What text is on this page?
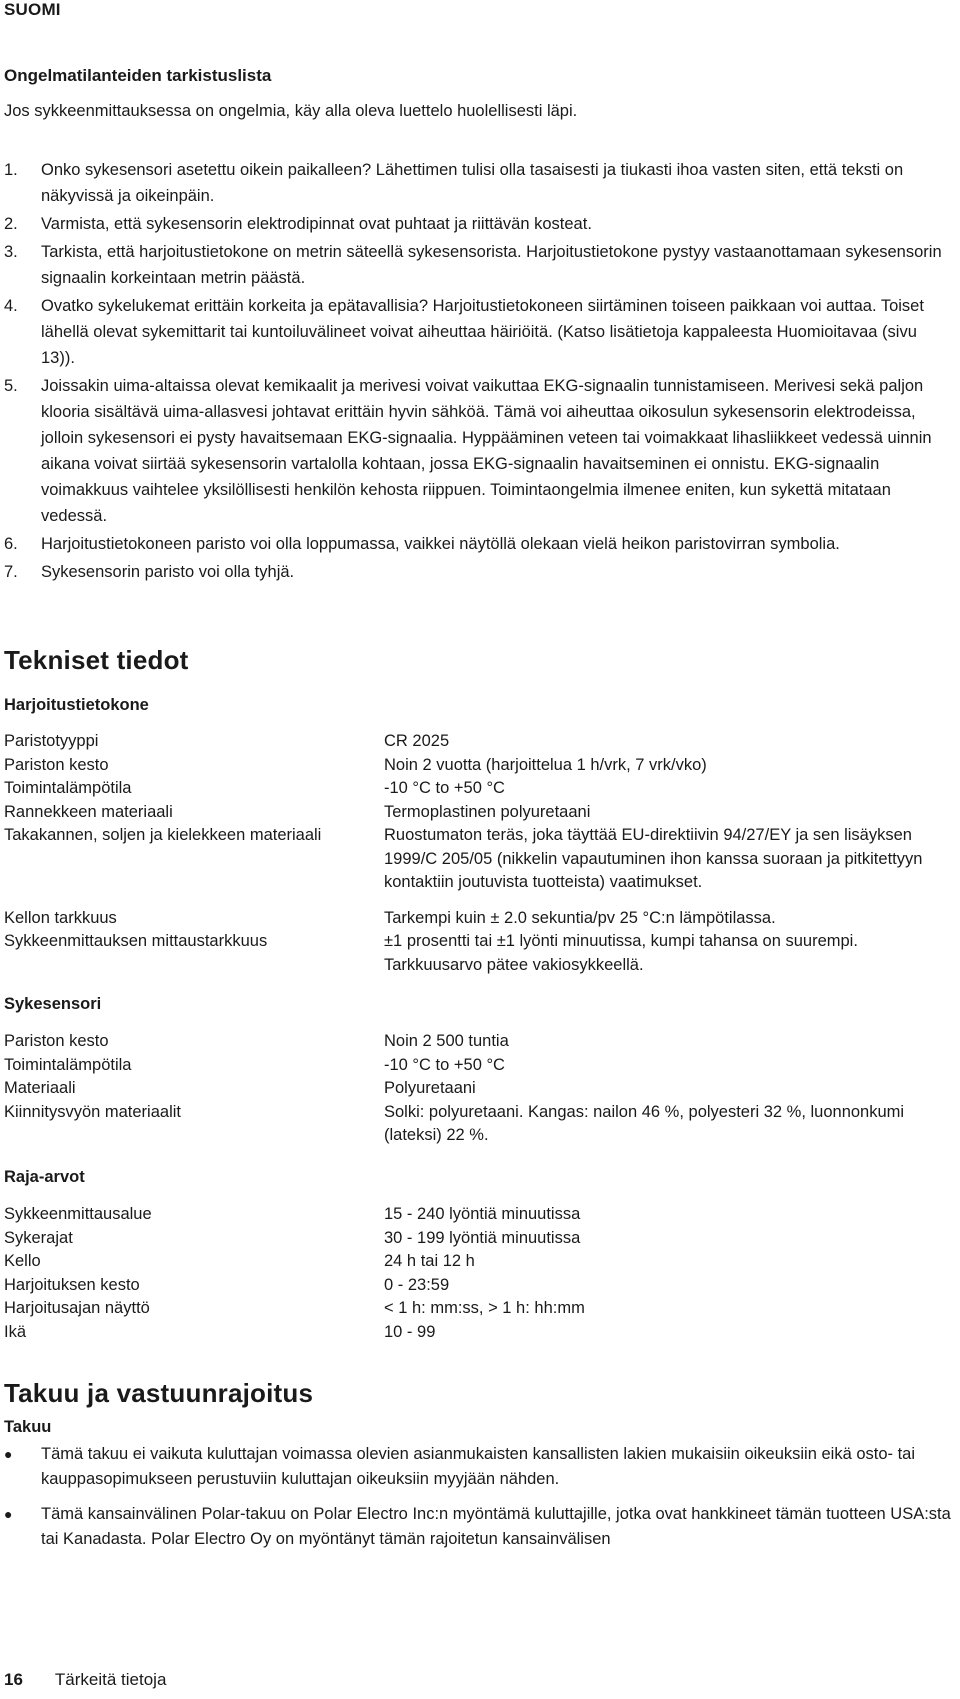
SUOMI
Ongelmatilanteiden tarkistuslista
Jos sykkeenmittauksessa on ongelmia, käy alla oleva luettelo huolellisesti läpi.
1.	Onko sykesensori asetettu oikein paikalleen? Lähettimen tulisi olla tasaisesti ja tiukasti ihoa vasten siten, että teksti on näkyvissä ja oikeinpäin.
2.	Varmista, että sykesensorin elektrodipinnat ovat puhtaat ja riittävän kosteat.
3.	Tarkista, että harjoitustietokone on metrin säteellä sykesensorista. Harjoitustietokone pystyy vastaanottamaan sykesensorin signaalin korkeintaan metrin päästä.
4.	Ovatko sykelukemat erittäin korkeita ja epätavallisia? Harjoitustietokoneen siirtäminen toiseen paikkaan voi auttaa. Toiset lähellä olevat sykemittarit tai kuntoiluvälineet voivat aiheuttaa häiriöitä. (Katso lisätietoja kappaleesta Huomioitavaa (sivu 13)).
5.	Joissakin uima-altaissa olevat kemikaalit ja merivesi voivat vaikuttaa EKG-signaalin tunnistamiseen. Merivesi sekä paljon klooria sisältävä uima-allasvesi johtavat erittäin hyvin sähköä. Tämä voi aiheuttaa oikosulun sykesensorin elektrodeissa, jolloin sykesensori ei pysty havaitsemaan EKG-signaalia. Hyppääminen veteen tai voimakkaat lihasliikkeet vedessä uinnin aikana voivat siirtää sykesensorin vartalolla kohtaan, jossa EKG-signaalin havaitseminen ei onnistu. EKG-signaalin voimakkuus vaihtelee yksilöllisesti henkilön kehosta riippuen. Toimintaongelmia ilmenee eniten, kun sykettä mitataan vedessä.
6.	Harjoitustietokoneen paristo voi olla loppumassa, vaikkei näytöllä olekaan vielä heikon paristovirran symbolia.
7.	Sykesensorin paristo voi olla tyhjä.
Tekniset tiedot
Harjoitustietokone
Paristotyyppi	CR 2025
Pariston kesto	Noin 2 vuotta (harjoittelua 1 h/vrk, 7 vrk/vko)
Toimintalämpötila	-10 °C to +50 °C
Rannekkeen materiaali	Termoplastinen polyuretaani
Takakannen, soljen ja kielekkeen materiaali	Ruostumaton teräs, joka täyttää EU-direktiivin 94/27/EY ja sen lisäyksen 1999/C 205/05 (nikkelin vapautuminen ihon kanssa suoraan ja pitkitettyyn kontaktiin joutuvista tuotteista) vaatimukset.
Kellon tarkkuus	Tarkempi kuin ± 2.0 sekuntia/pv 25 °C:n lämpötilassa.
Sykkeenmittauksen mittaustarkkuus	±1 prosentti tai ±1 lyönti minuutissa, kumpi tahansa on suurempi. Tarkkuusarvo pätee vakiosykkeellä.
Sykesensori
Pariston kesto	Noin 2 500 tuntia
Toimintalämpötila	-10 °C to +50 °C
Materiaali	Polyuretaani
Kiinnitysvyön materiaalit	Solki: polyuretaani. Kangas: nailon 46 %, polyesteri 32 %, luonnonkumi (lateksi) 22 %.
Raja-arvot
Sykkeenmittausalue	15 - 240 lyöntiä minuutissa
Sykerajat	30 - 199 lyöntiä minuutissa
Kello	24 h tai 12 h
Harjoituksen kesto	0 - 23:59
Harjoitusajan näyttö	< 1 h: mm:ss, > 1 h: hh:mm
Ikä	10 - 99
Takuu ja vastuunrajoitus
Takuu
●	Tämä takuu ei vaikuta kuluttajan voimassa olevien asianmukaisten kansallisten lakien mukaisiin oikeuksiin eikä osto- tai kauppasopimukseen perustuviin kuluttajan oikeuksiin myyjään nähden.
●	Tämä kansainvälinen Polar-takuu on Polar Electro Inc:n myöntämä kuluttajille, jotka ovat hankkineet tämän tuotteen USA:sta tai Kanadasta. Polar Electro Oy on myöntänyt tämän rajoitetun kansainvälisen
16 Tärkeitä tietoja
